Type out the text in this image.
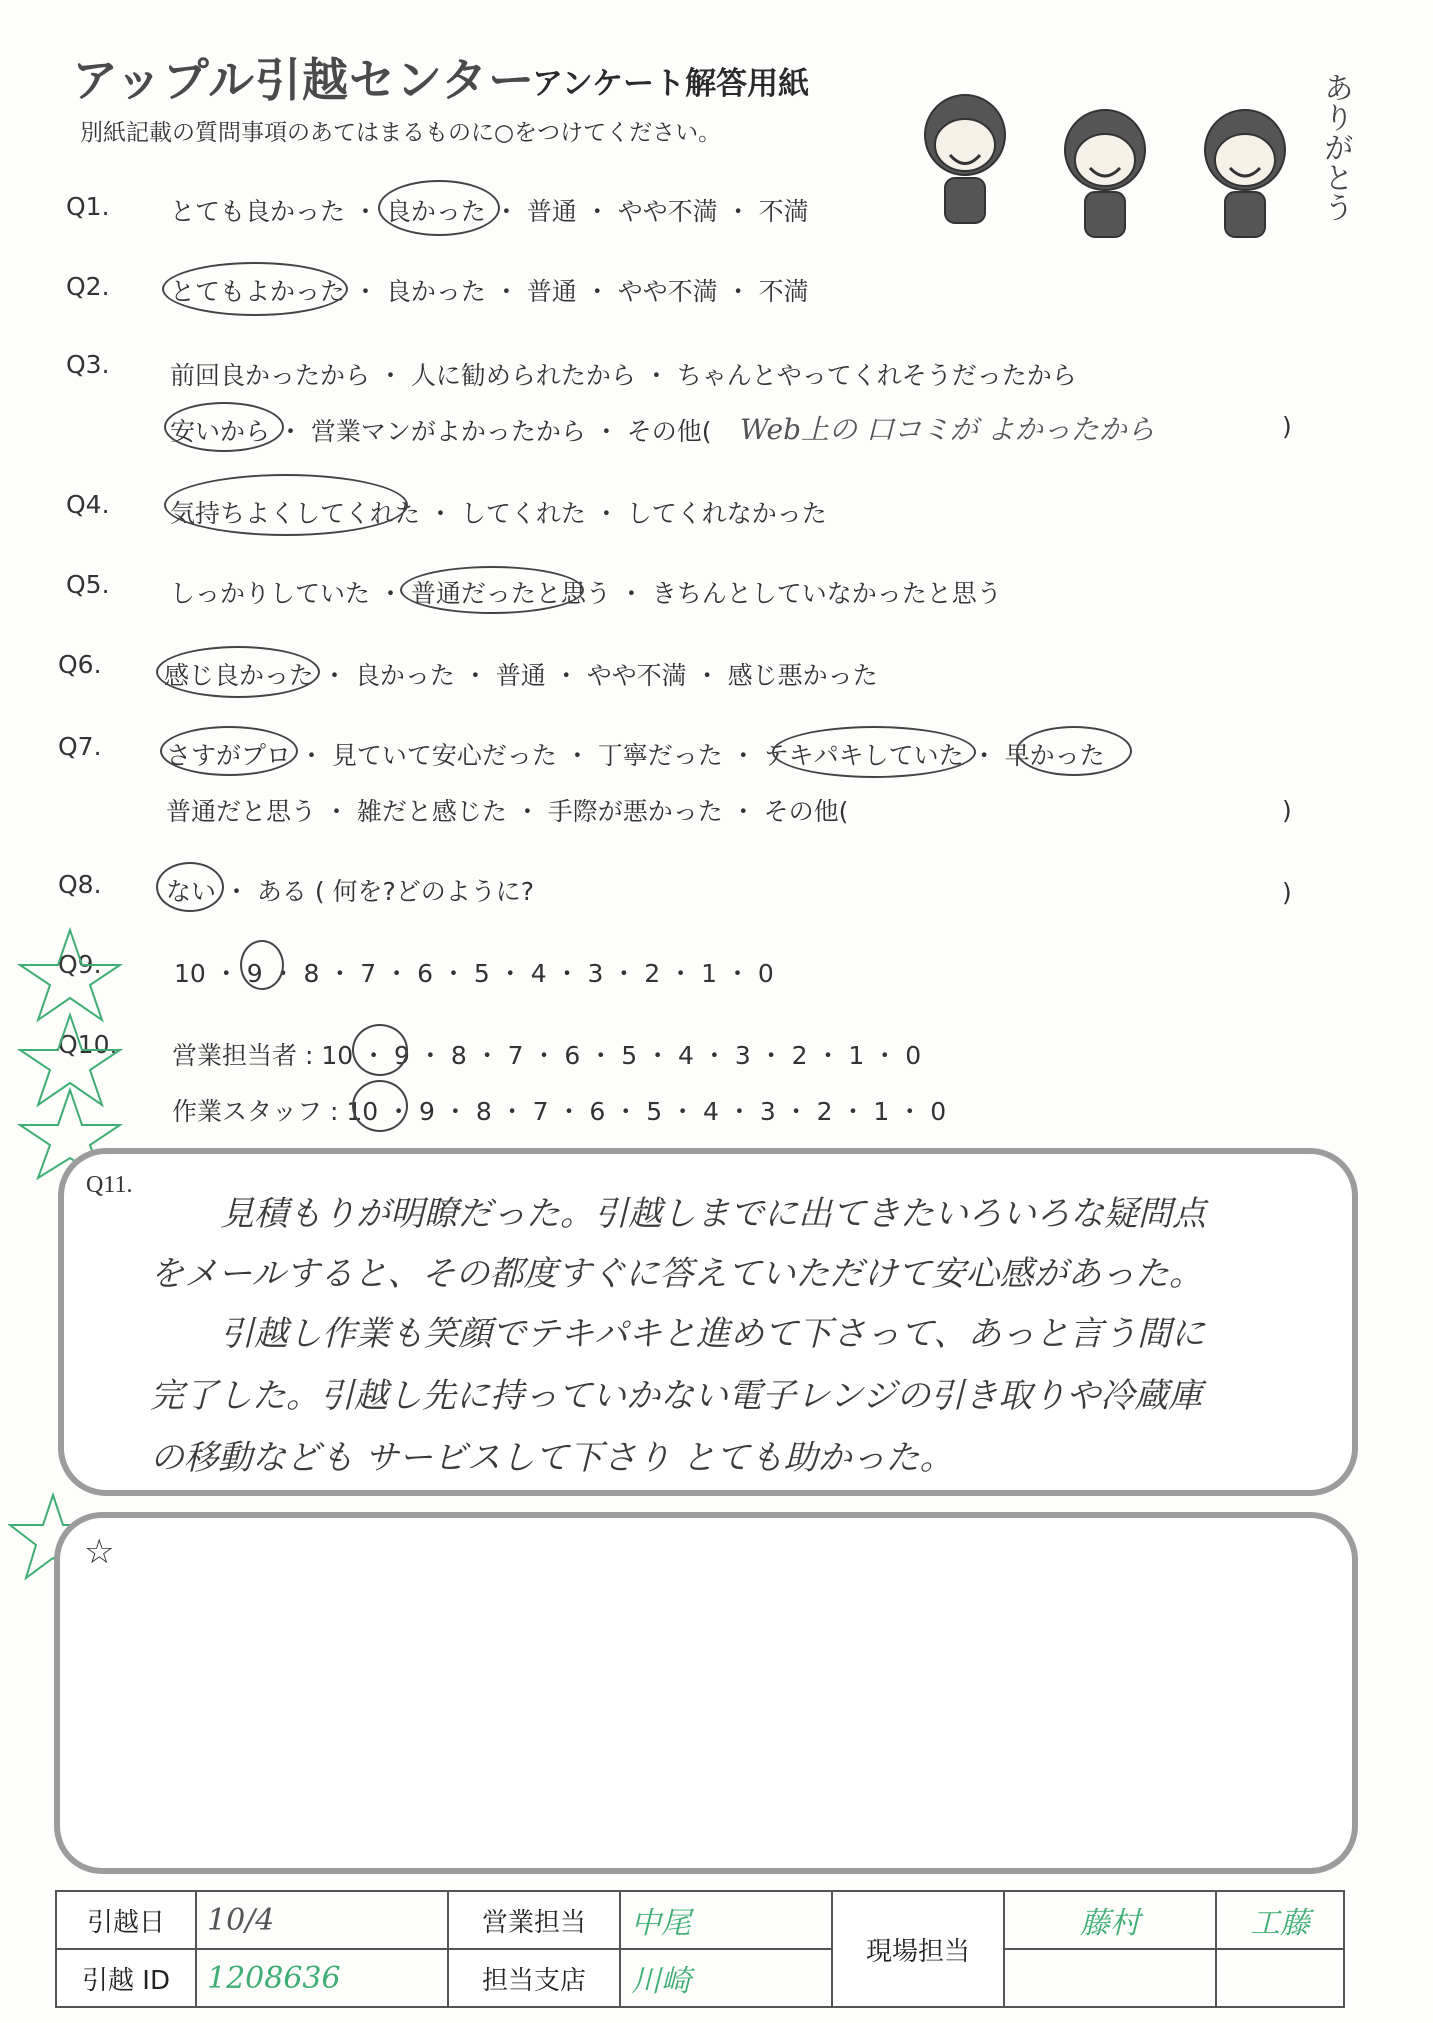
アップル引越センター
アンケート解答用紙
別紙記載の質問事項のあてはまるものに○をつけてください。	ありがとう
Q1. とても良かった ・ 良かった ・ 普通 ・ やや不満 ・ 不満
Q2. とてもよかった ・ 良かった ・ 普通 ・ やや不満 ・ 不満
Q3. 前回良かったから ・ 人に勧められたから ・ ちゃんとやってくれそうだったから
安いから ・ 営業マンがよかったから ・ その他( Web上の 口コミが よかったから	)
Q4. 気持ちよくしてくれた ・ してくれた ・ してくれなかった
Q5. しっかりしていた ・ 普通だったと思う ・ きちんとしていなかったと思う
Q6. 感じ良かった ・ 良かった ・ 普通 ・ やや不満 ・ 感じ悪かった
Q7.	さすがプロ ・ 見ていて安心だった ・ 丁寧だった ・ テキパキしていた ・ 早かった
普通だと思う ・ 雑だと感じた ・ 手際が悪かった ・ その他(	)
Q8.	ない ・ ある ( 何を?どのように?	)
Q9.	10 ・ 9 ・ 8 ・ 7 ・ 6 ・ 5 ・ 4 ・ 3 ・ 2 ・ 1 ・ 0
Q10. 営業担当者 : 10 ・ 9 ・ 8 ・ 7 ・ 6 ・ 5 ・ 4 ・ 3 ・ 2 ・ 1 ・ 0
作業スタッフ : 10 ・ 9 ・ 8 ・ 7 ・ 6 ・ 5 ・ 4 ・ 3 ・ 2 ・ 1 ・ 0
Q11.
見積もりが明瞭だった。引越しまでに出てきたいろいろな疑問点
をメールすると、その都度すぐに答えていただけて安心感があった。
引越し作業も笑顔でテキパキと進めて下さって、あっと言う間に
完了した。引越し先に持っていかない電子レンジの引き取りや冷蔵庫
の移動なども サービスして下さり とても助かった。
☆
引越日	10/4	営業担当	中尾	現場担当	藤村	工藤
引越 ID	1208636	担当支店	川崎			
